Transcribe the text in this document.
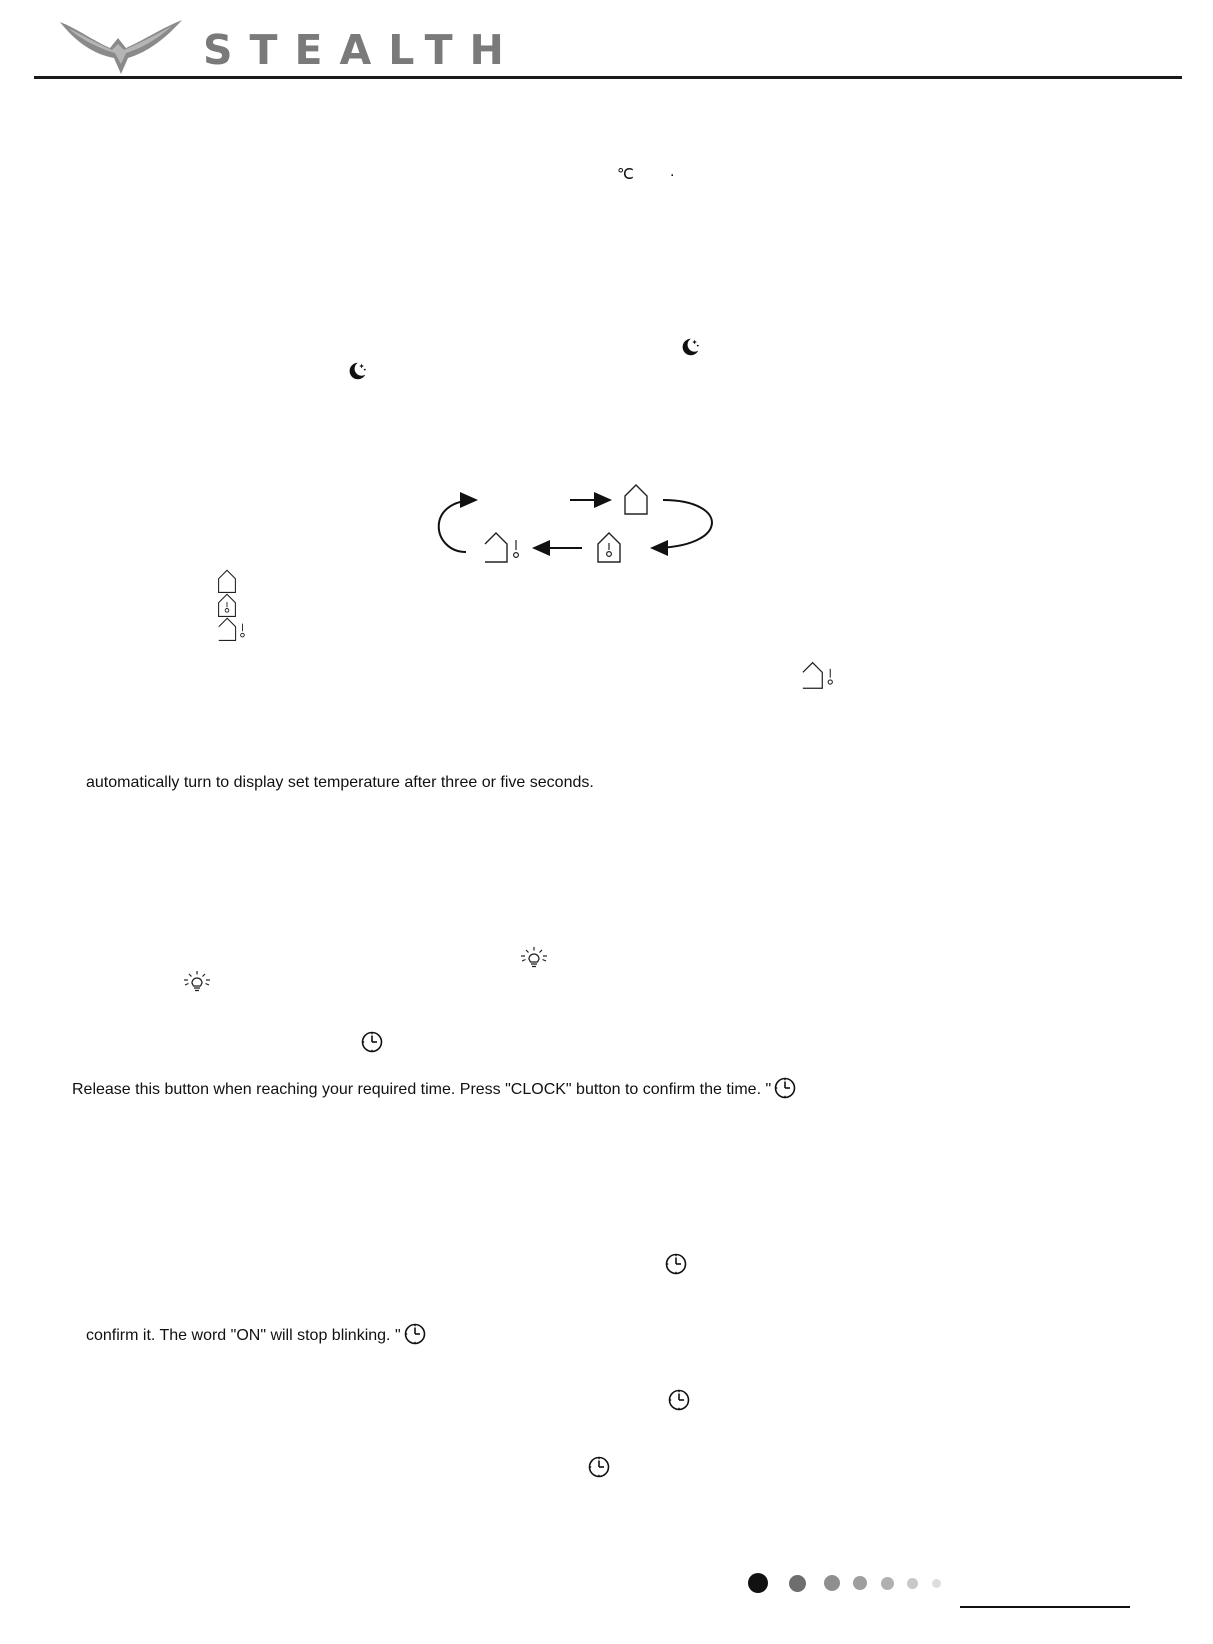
STEALTH
℃ .
automatically turn to display set temperature after three or five seconds.
Release this button when reaching your required time. Press "CLOCK" button to confirm the time. "
confirm it. The word "ON" will stop blinking. "
